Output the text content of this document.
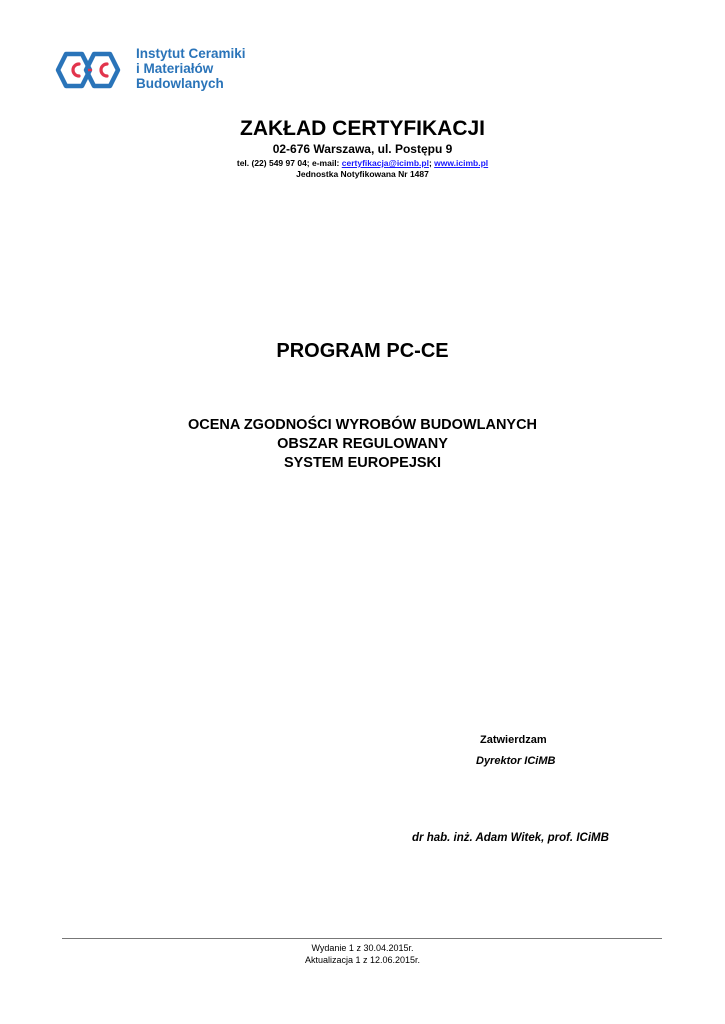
Instytut Ceramiki
i Materiałów
Budowlanych
ZAKŁAD CERTYFIKACJI
02-676 Warszawa, ul. Postępu 9
tel. (22) 549 97 04; e-mail: certyfikacja@icimb.pl; www.icimb.pl
Jednostka Notyfikowana Nr 1487
PROGRAM PC-CE
OCENA ZGODNOŚCI WYROBÓW BUDOWLANYCH
OBSZAR REGULOWANY
SYSTEM EUROPEJSKI
Zatwierdzam
Dyrektor ICiMB
dr hab. inż. Adam Witek, prof. ICiMB
Wydanie 1 z 30.04.2015r.
Aktualizacja 1 z 12.06.2015r.
